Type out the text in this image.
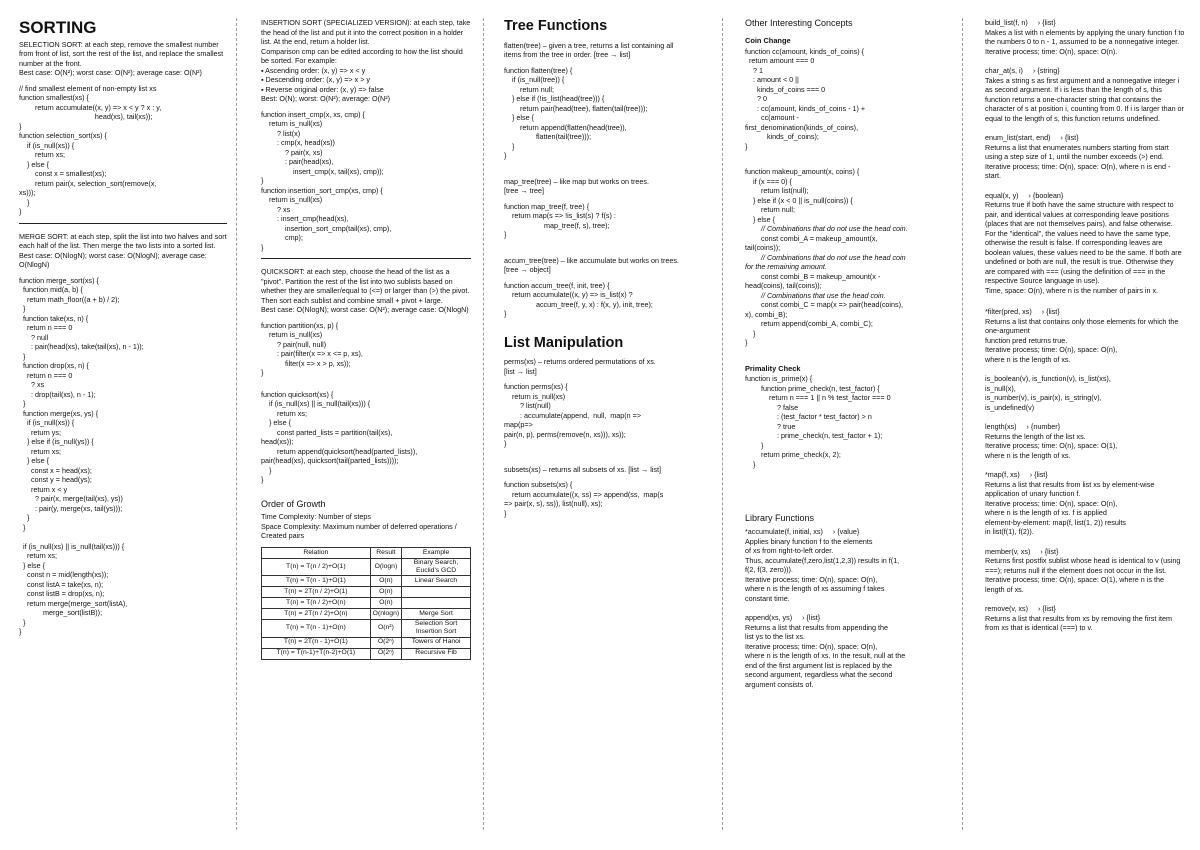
SORTING
SELECTION SORT: at each step, remove the smallest number from front of list, sort the rest of the list, and replace the smallest number at the front.
Best case: O(N²); worst case: O(N²); average case: O(N²)
// find smallest element of non-empty list xs
function smallest(xs) {
return accumulate((x, y) => x < y ? x : y,
head(xs), tail(xs));
}
function selection_sort(xs) {
if (is_null(xs)) {
return xs;
} else {
const x = smallest(xs);
return pair(x, selection_sort(remove(x,
xs)));
}
}
MERGE SORT: at each step, split the list into two halves and sort each half of the list. Then merge the two lists into a sorted list.
Best case: O(NlogN); worst case: O(NlogN); average case: O(NlogN)
function merge_sort(xs) {
function mid(a, b) {
return math_floor((a + b) / 2);
}
function take(xs, n) {
return n === 0
? null
: pair(head(xs), take(tail(xs), n - 1));
}
function drop(xs, n) {
return n === 0
? xs
: drop(tail(xs), n - 1);
}
function merge(xs, ys) {
if (is_null(xs)) {
return ys;
} else if (is_null(ys)) {
return xs;
} else {
const x = head(xs);
const y = head(ys);
return x < y
? pair(x, merge(tail(xs), ys))
: pair(y, merge(xs, tail(ys)));
}
}

if (is_null(xs) || is_null(tail(xs))) {
return xs;
} else {
const n = mid(length(xs));
const listA = take(xs, n);
const listB = drop(xs, n);
return merge(merge_sort(listA),
merge_sort(listB));
}
}
INSERTION SORT (SPECIALIZED VERSION): at each step, take the head of the list and put it into the correct position in a holder list. At the end, return a holder list.
Comparison cmp can be edited according to how the list should be sorted. For example:
▪ Ascending order: (x, y) => x < y
▪ Descending order: (x, y) => x > y
▪ Reverse original order: (x, y) => false
Best: O(N); worst: O(N²); average: O(N²)
function insert_cmp(x, xs, cmp) {
return is_null(xs)
? list(x)
: cmp(x, head(xs))
? pair(x, xs)
: pair(head(xs),
insert_cmp(x, tail(xs), cmp));
}
function insertion_sort_cmp(xs, cmp) {
return is_null(xs)
? xs
: insert_cmp(head(xs),
insertion_sort_cmp(tail(xs), cmp),
cmp);
}
QUICKSORT: at each step, choose the head of the list as a "pivot". Partition the rest of the list into two sublists based on whether they are smaller/equal to (<=) or larger than (>) the pivot. Then sort each sublist and combine small + pivot + large.
Best case: O(NlogN); worst case: O(N²); average case: O(NlogN)
function partition(xs, p) {
return is_null(xs)
? pair(null, null)
: pair(filter(x => x <= p, xs),
filter(x => x > p, xs));
}
function quicksort(xs) {
if (is_null(xs) || is_null(tail(xs))) {
return xs;
} else {
const parted_lists = partition(tail(xs),
head(xs));
return append(quicksort(head(parted_lists)),
pair(head(xs), quicksort(tail(parted_lists))));
}
}
Order of Growth
Time Complexity: Number of steps
Space Complexity: Maximum number of deferred operations / Created pairs
Relation	Result	Example
T(n) = T(n / 2)+O(1)	O(logn)	Binary Search, Euclid's GCD
T(n) = T(n - 1)+O(1)	O(n)	Linear Search
T(n) = 2T(n / 2)+O(1)	O(n)	
T(n) = T(n / 2)+O(n)	O(n)	
T(n) = 2T(n / 2)+O(n)	O(nlogn)	Merge Sort
T(n) = T(n - 1)+O(n)	O(n²)	Selection Sort Insertion Sort
T(n) = 2T(n - 1)+O(1)	O(2ⁿ)	Towers of Hanoi
T(n) = T(n-1)+T(n-2)+O(1)	O(2ⁿ)	Recursive Fib
Tree Functions
flatten(tree) – given a tree, returns a list containing all
items from the tree in order. [tree → list]
function flatten(tree) {
if (is_null(tree)) {
return null;
} else if (!is_list(head(tree))) {
return pair(head(tree), flatten(tail(tree)));
} else {
return append(flatten(head(tree)),
flatten(tail(tree)));
}
}
map_tree(tree) – like map but works on trees.
[tree → tree]
function map_tree(f, tree) {
return map(s => !is_list(s) ? f(s) :
map_tree(f, s), tree);
}
accum_tree(tree) – like accumulate but works on trees.
[tree → object]
function accum_tree(f, init, tree) {
return accumulate((x, y) => is_list(x) ?
accum_tree(f, y, x) : f(x, y), init, tree);
}
List Manipulation
perms(xs) – returns ordered permutations of xs.
[list → list]
function perms(xs) {
return is_null(xs)
? list(null)
: accumulate(append,  null,  map(n =>
map(p=>
pair(n, p), perms(remove(n, xs))), xs));
}
subsets(xs) – returns all subsets of xs. [list → list]
function subsets(xs) {
return accumulate((x, ss) => append(ss,  map(s
=> pair(x, s), ss)), list(null), xs);
}
Other Interesting Concepts
Coin Change
function cc(amount, kinds_of_coins) {
return amount === 0
? 1
: amount < 0 ||
kinds_of_coins === 0
? 0
: cc(amount, kinds_of_coins - 1) +
cc(amount -
first_denomination(kinds_of_coins),
kinds_of_coins);
}
function makeup_amount(x, coins) {
if (x === 0) {
return list(null);
} else if (x < 0 || is_null(coins)) {
return null;
} else {
// Combinations that do not use the head coin.
const combi_A = makeup_amount(x,
tail(coins));
// Combinations that do not use the head coin
for the remaining amount.
const combi_B = makeup_amount(x -
head(coins), tail(coins));
// Combinations that use the head coin.
const combi_C = map(x => pair(head(coins),
x), combi_B);
return append(combi_A, combi_C);
}
}
Primality Check
function is_prime(x) {
function prime_check(n, test_factor) {
return n === 1 || n % test_factor === 0
? false
: (test_factor * test_factor) > n
? true
: prime_check(n, test_factor + 1);
}
return prime_check(x, 2);
}
Library Functions
*accumulate(f, initial, xs)     › {value}
Applies binary function f to the elements
of xs from right-to-left order.
Thus, accumulate(f,zero,list(1,2,3)) results in f(1,
f(2, f(3, zero))).
Iterative process; time: O(n), space: O(n),
where n is the length of xs assuming f takes
constant time.
append(xs, ys)     › {list}
Returns a list that results from appending the
list ys to the list xs.
Iterative process; time: O(n), space: O(n),
where n is the length of xs. In the result, null at the
end of the first argument list is replaced by the
second argument, regardless what the second
argument consists of.
build_list(f, n)     › {list}
Makes a list with n elements by applying the unary function f to the numbers 0 to n - 1, assumed to be a nonnegative integer.
Iterative process; time: O(n), space: O(n).
char_at(s, i)     › {string}
Takes a string s as first argument and a nonnegative integer i as second argument. If i is less than the length of s, this function returns a one-character string that contains the character of s at position i, counting from 0. If i is larger than or equal to the length of s, this function returns undefined.
enum_list(start, end)     › {list}
Returns a list that enumerates numbers starting from start using a step size of 1, until the number exceeds (>) end.
Iterative process; time: O(n), space: O(n), where n is end - start.
equal(x, y)     › {boolean}
Returns true if both have the same structure with respect to pair, and identical values at corresponding leave positions (places that are not themselves pairs), and false otherwise. For the "identical", the values need to have the same type, otherwise the result is false. If corresponding leaves are boolean values, these values need to be the same. If both are undefined or both are null, the result is true. Otherwise they are compared with === (using the definition of === in the respective Source language in use).
Time, space: O(n), where n is the number of pairs in x.
*filter(pred, xs)     › {list}
Returns a list that contains only those elements for which the one-argument
function pred returns true.
Iterative process; time: O(n), space: O(n),
where n is the length of xs.
is_boolean(v), is_function(v), is_list(xs),
is_null(x),
is_number(v), is_pair(x), is_string(v),
is_undefined(v)
length(xs)     › {number}
Returns the length of the list xs.
Iterative process; time: O(n), space: O(1),
where n is the length of xs.
*map(f, xs)     › {list}
Returns a list that results from list xs by element-wise application of unary function f.
Iterative process; time: O(n), space: O(n),
where n is the length of xs. f is applied
element-by-element: map(f, list(1, 2)) results
in list(f(1), f(2)).
member(v, xs)     › {list}
Returns first postfix sublist whose head is identical to v (using ===); returns null if the element does not occur in the list. Iterative process; time: O(n), space: O(1), where n is the length of xs.
remove(v, xs)     › {list}
Returns a list that results from xs by removing the first item from xs that is identical (===) to v.
